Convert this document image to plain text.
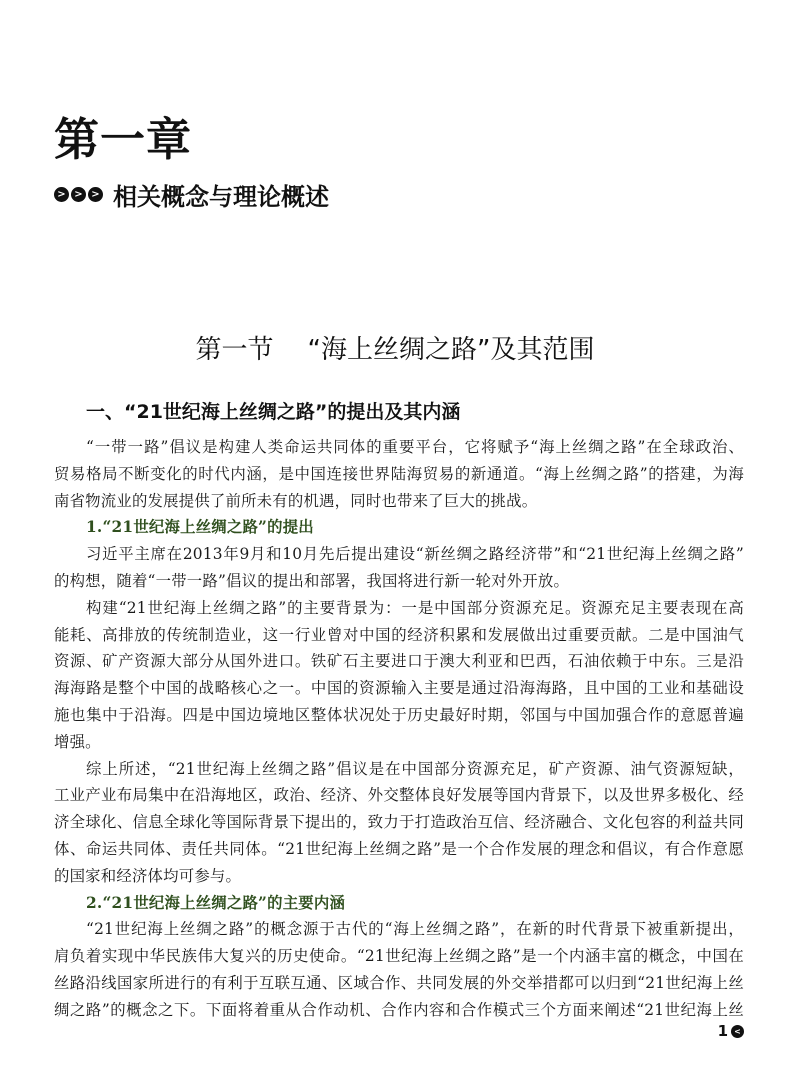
第一章
> > > 相关概念与理论概述
第一节 “海上丝绸之路”及其范围
一、“21世纪海上丝绸之路”的提出及其内涵
“一带一路”倡议是构建人类命运共同体的重要平台，它将赋予“海上丝绸之路”在全球政治、
贸易格局不断变化的时代内涵，是中国连接世界陆海贸易的新通道。“海上丝绸之路”的搭建，为海
南省物流业的发展提供了前所未有的机遇，同时也带来了巨大的挑战。
1.“21世纪海上丝绸之路”的提出
习近平主席在2013年9月和10月先后提出建设“新丝绸之路经济带”和“21世纪海上丝绸之路”
的构想，随着“一带一路”倡议的提出和部署，我国将进行新一轮对外开放。
构建“21世纪海上丝绸之路”的主要背景为：一是中国部分资源充足。资源充足主要表现在高
能耗、高排放的传统制造业，这一行业曾对中国的经济积累和发展做出过重要贡献。二是中国油气
资源、矿产资源大部分从国外进口。铁矿石主要进口于澳大利亚和巴西，石油依赖于中东。三是沿
海海路是整个中国的战略核心之一。中国的资源输入主要是通过沿海海路，且中国的工业和基础设
施也集中于沿海。四是中国边境地区整体状况处于历史最好时期，邻国与中国加强合作的意愿普遍
增强。
综上所述，“21世纪海上丝绸之路”倡议是在中国部分资源充足，矿产资源、油气资源短缺，
工业产业布局集中在沿海地区，政治、经济、外交整体良好发展等国内背景下，以及世界多极化、经
济全球化、信息全球化等国际背景下提出的，致力于打造政治互信、经济融合、文化包容的利益共同
体、命运共同体、责任共同体。“21世纪海上丝绸之路”是一个合作发展的理念和倡议，有合作意愿
的国家和经济体均可参与。
2.“21世纪海上丝绸之路”的主要内涵
“21世纪海上丝绸之路”的概念源于古代的“海上丝绸之路”，在新的时代背景下被重新提出，
肩负着实现中华民族伟大复兴的历史使命。“21世纪海上丝绸之路”是一个内涵丰富的概念，中国在
丝路沿线国家所进行的有利于互联互通、区域合作、共同发展的外交举措都可以归到“21世纪海上丝
绸之路”的概念之下。下面将着重从合作动机、合作内容和合作模式三个方面来阐述“21世纪海上丝
1 <
